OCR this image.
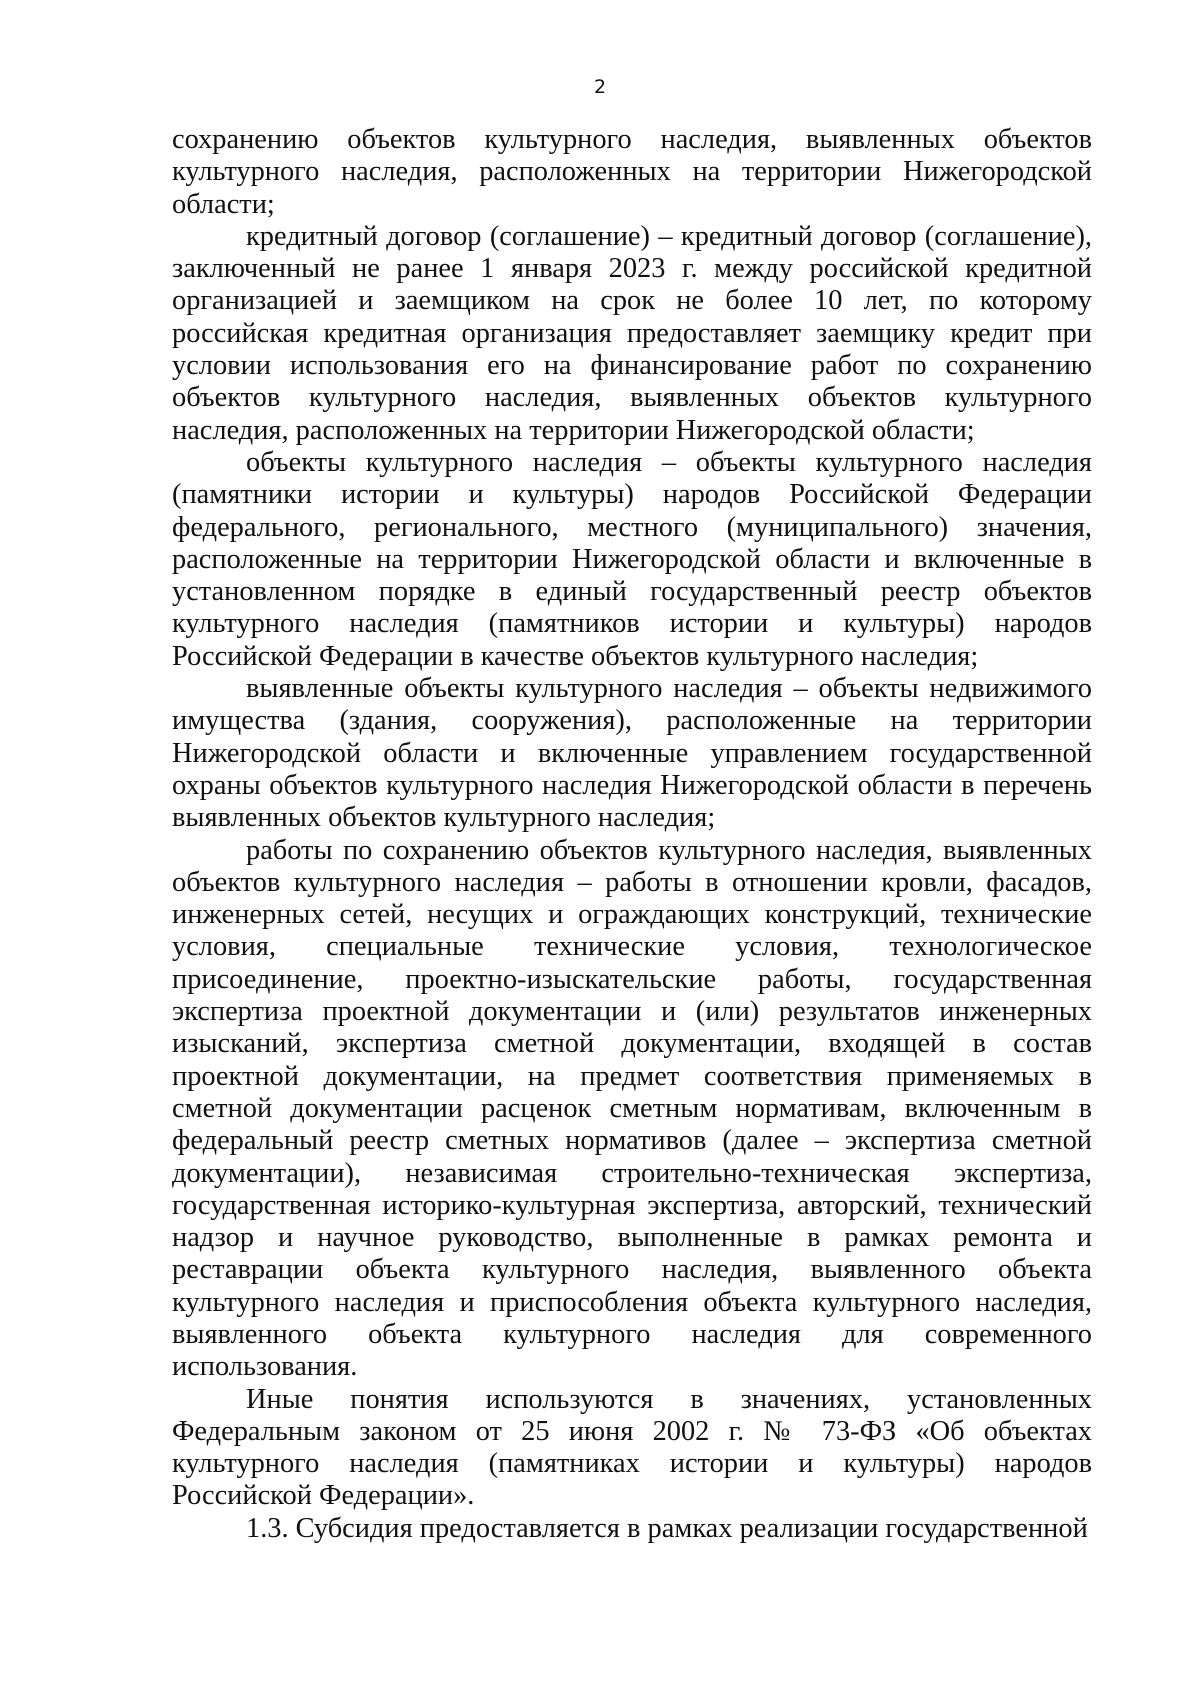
2

сохранению объектов культурного наследия, выявленных объектов культурного наследия, расположенных на территории Нижегородской области;

кредитный договор (соглашение) – кредитный договор (соглашение), заключенный не ранее 1 января 2023 г. между российской кредитной организацией и заемщиком на срок не более 10 лет, по которому российская кредитная организация предоставляет заемщику кредит при условии использования его на финансирование работ по сохранению объектов культурного наследия, выявленных объектов культурного наследия, расположенных на территории Нижегородской области;

объекты культурного наследия – объекты культурного наследия (памятники истории и культуры) народов Российской Федерации федерального, регионального, местного (муниципального) значения, расположенные на территории Нижегородской области и включенные в установленном порядке в единый государственный реестр объектов культурного наследия (памятников истории и культуры) народов Российской Федерации в качестве объектов культурного наследия;

выявленные объекты культурного наследия – объекты недвижимого имущества (здания, сооружения), расположенные на территории Нижегородской области и включенные управлением государственной охраны объектов культурного наследия Нижегородской области в перечень выявленных объектов культурного наследия;

работы по сохранению объектов культурного наследия, выявленных объектов культурного наследия – работы в отношении кровли, фасадов, инженерных сетей, несущих и ограждающих конструкций, технические условия, специальные технические условия, технологическое присоединение, проектно-изыскательские работы, государственная экспертиза проектной документации и (или) результатов инженерных изысканий, экспертиза сметной документации, входящей в состав проектной документации, на предмет соответствия применяемых в сметной документации расценок сметным нормативам, включенным в федеральный реестр сметных нормативов (далее – экспертиза сметной документации), независимая строительно-техническая экспертиза, государственная историко-культурная экспертиза, авторский, технический надзор и научное руководство, выполненные в рамках ремонта и реставрации объекта культурного наследия, выявленного объекта культурного наследия и приспособления объекта культурного наследия, выявленного объекта культурного наследия для современного использования.

Иные понятия используются в значениях, установленных Федеральным законом от 25 июня 2002 г. № 73-ФЗ «Об объектах культурного наследия (памятниках истории и культуры) народов Российской Федерации».

1.3. Субсидия предоставляется в рамках реализации государственной
